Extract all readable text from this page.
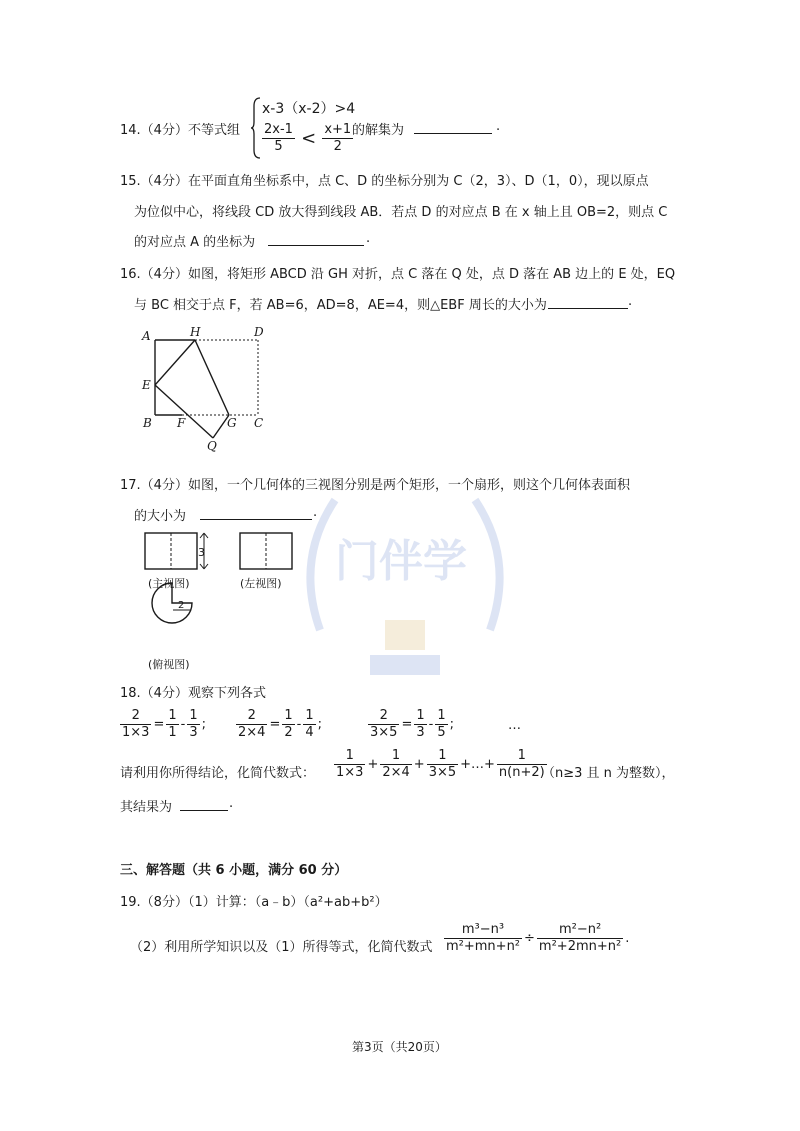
门伴学
14.（4分）不等式组
x-3（x-2）>4
$\frac{2x-1}{5} < \frac{x+1}{2}$
的解集为	.
15.（4分）在平面直角坐标系中，点 C、D 的坐标分别为 C（2，3）、D（1，0），现以原点
为位似中心，将线段 CD 放大得到线段 AB．若点 D 的对应点 B 在 x 轴上且 OB=2，则点 C
的对应点 A 的坐标为	.
16.（4分）如图，将矩形 ABCD 沿 GH 对折，点 C 落在 Q 处，点 D 落在 AB 边上的 E 处，EQ
与 BC 相交于点 F，若 AB=6，AD=8，AE=4，则△EBF 周长的大小为	.
A	H	D
E
B F	G C
Q
17.（4分）如图，一个几何体的三视图分别是两个矩形，一个扇形，则这个几何体表面积
的大小为	.
3
2
(主视图)	(左视图)
(俯视图)
18.（4分）观察下列各式
$\frac{2}{1\times 3} = \frac{1}{1} - \frac{1}{3}$ ; $\frac{2}{2\times 4} = \frac{1}{2} - \frac{1}{4}$ ;	$\frac{2}{3\times 5} = \frac{1}{3} - \frac{1}{5}$ ;	…
请利用你所得结论，化简代数式： $\frac{1}{1\times 3} + \frac{1}{2\times 4} + \frac{1}{3\times 5}$ +…+ $\frac{1}{n(n+2)}$
（n≥3 且 n 为整数），
其结果为	.
三、解答题（共 6 小题，满分 60 分）
19.（8分）（1）计算：（a﹣b）（a²+ab+b²）
（2）利用所学知识以及（1）所得等式，化简代数式 $\frac{\text{m³−n³}}{\text{m²+mn+n²}} \div \frac{\text{m²−n²}}{\text{m²+2mn+n²}}$ .
第3页（共20页）
